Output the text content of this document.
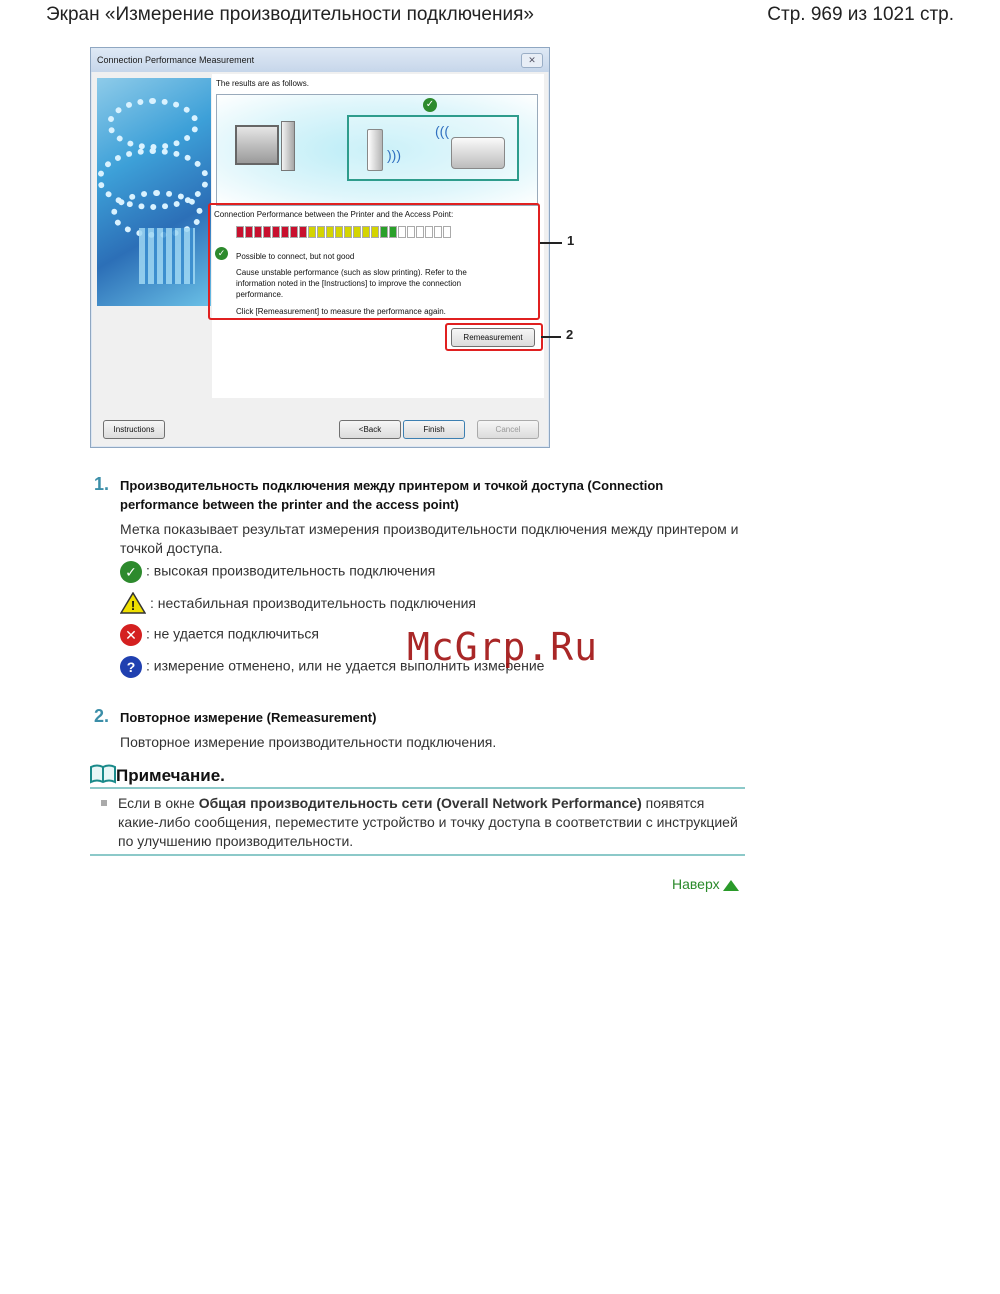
Экран «Измерение производительности подключения»	Стр. 969 из 1021 стр.
Connection Performance Measurement	✕
The results are as follows.
✓
)))
(((
Instructions	<Back	Finish	Cancel
Connection Performance between the Printer and the Access Point:
✓	Possible to connect, but not good
Cause unstable performance (such as slow printing). Refer to the information noted in the [Instructions] to improve the connection performance.
Click [Remeasurement] to measure the performance again.
Remeasurement
1
2
1. Производительность подключения между принтером и точкой доступа (Connection performance between the printer and the access point)
Метка показывает результат измерения производительности подключения между принтером и точкой доступа.
✓ : высокая производительность подключения
! : нестабильная производительность подключения
✕ : не удается подключиться
? : измерение отменено, или не удается выполнить измерение
2. Повторное измерение (Remeasurement)
Повторное измерение производительности подключения.
Примечание.
Если в окне Общая производительность сети (Overall Network Performance) появятся какие-либо сообщения, переместите устройство и точку доступа в соответствии с инструкцией по улучшению производительности.
Наверх
McGrp.Ru
